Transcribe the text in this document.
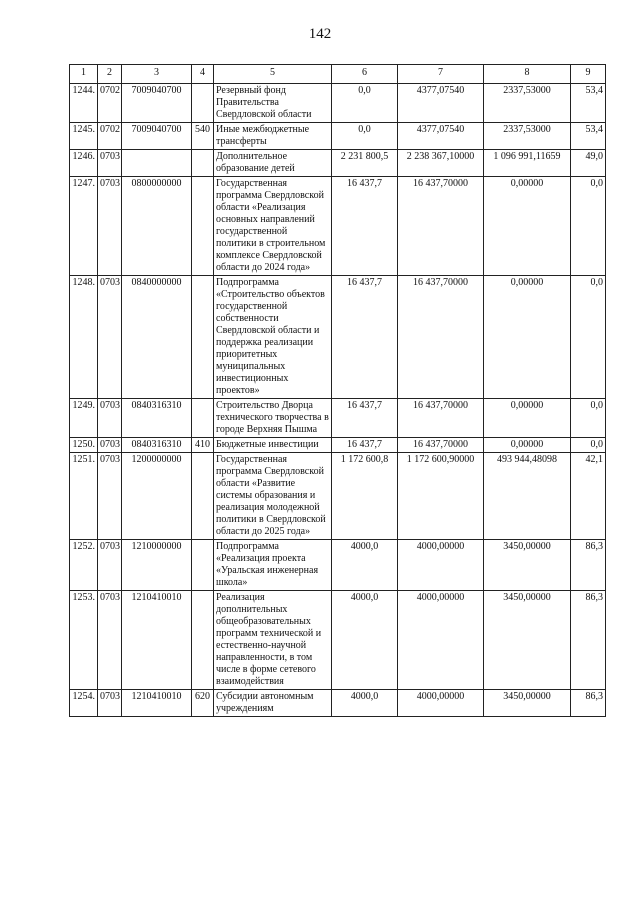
142
1	2	3	4	5	6	7	8	9
1244.	0702	7009040700		Резервный фонд Правительства Свердловской области	0,0	4377,07540	2337,53000	53,4
1245.	0702	7009040700	540	Иные межбюджетные трансферты	0,0	4377,07540	2337,53000	53,4
1246.	0703			Дополнительное образование детей	2 231 800,5	2 238 367,10000	1 096 991,11659	49,0
1247.	0703	0800000000		Государственная программа Свердловской области «Реализация основных направлений государственной политики в строительном комплексе Свердловской области до 2024 года»	16 437,7	16 437,70000	0,00000	0,0
1248.	0703	0840000000		Подпрограмма «Строительство объектов государственной собственности Свердловской области и поддержка реализации приоритетных муниципальных инвестиционных проектов»	16 437,7	16 437,70000	0,00000	0,0
1249.	0703	0840316310		Строительство Дворца технического творчества в городе Верхняя Пышма	16 437,7	16 437,70000	0,00000	0,0
1250.	0703	0840316310	410	Бюджетные инвестиции	16 437,7	16 437,70000	0,00000	0,0
1251.	0703	1200000000		Государственная программа Свердловской области «Развитие системы образования и реализация молодежной политики в Свердловской области до 2025 года»	1 172 600,8	1 172 600,90000	493 944,48098	42,1
1252.	0703	1210000000		Подпрограмма «Реализация проекта «Уральская инженерная школа»	4000,0	4000,00000	3450,00000	86,3
1253.	0703	1210410010		Реализация дополнительных общеобразовательных программ технической и естественно-научной направленности, в том числе в форме сетевого взаимодействия	4000,0	4000,00000	3450,00000	86,3
1254.	0703	1210410010	620	Субсидии автономным учреждениям	4000,0	4000,00000	3450,00000	86,3
